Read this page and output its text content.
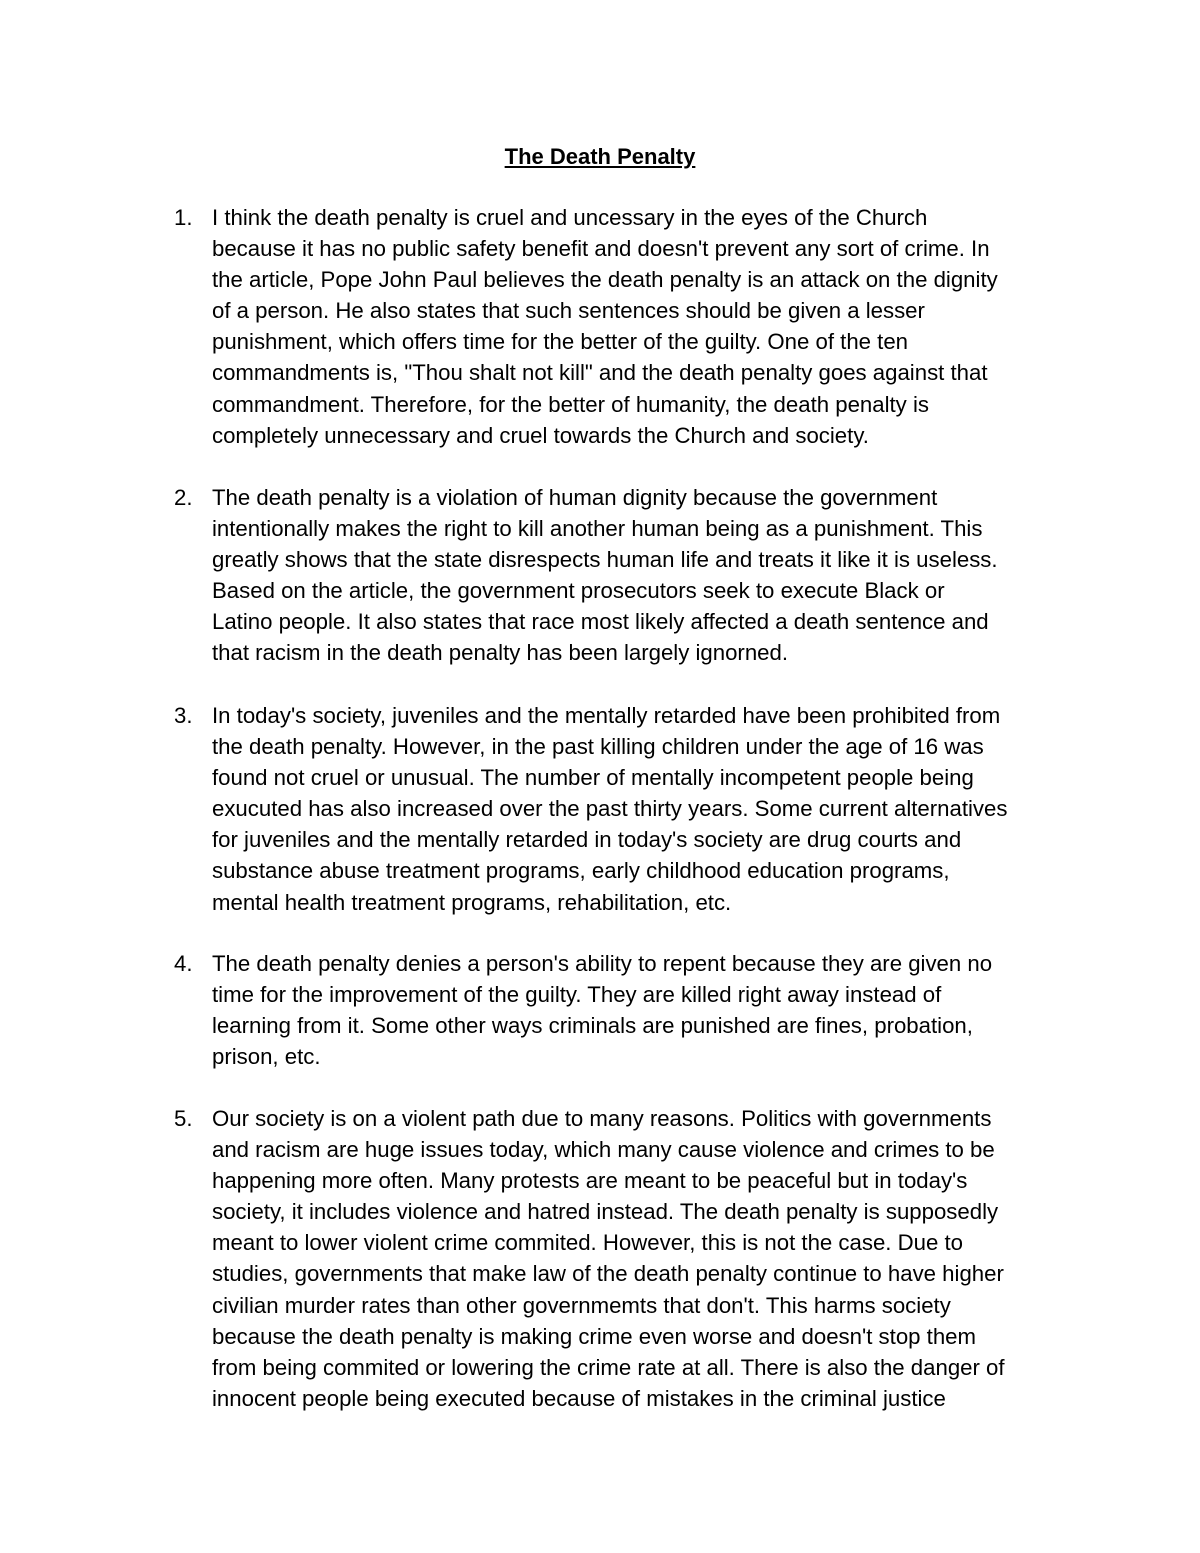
The Death Penalty
1. I think the death penalty is cruel and uncessary in the eyes of the Church
because it has no public safety benefit and doesn't prevent any sort of crime. In
the article, Pope John Paul believes the death penalty is an attack on the dignity
of a person. He also states that such sentences should be given a lesser
punishment, which offers time for the better of the guilty. One of the ten
commandments is, "Thou shalt not kill" and the death penalty goes against that
commandment. Therefore, for the better of humanity, the death penalty is
completely unnecessary and cruel towards the Church and society.
2. The death penalty is a violation of human dignity because the government
intentionally makes the right to kill another human being as a punishment. This
greatly shows that the state disrespects human life and treats it like it is useless.
Based on the article, the government prosecutors seek to execute Black or
Latino people. It also states that race most likely affected a death sentence and
that racism in the death penalty has been largely ignorned.
3. In today's society, juveniles and the mentally retarded have been prohibited from
the death penalty. However, in the past killing children under the age of 16 was
found not cruel or unusual. The number of mentally incompetent people being
exucuted has also increased over the past thirty years. Some current alternatives
for juveniles and the mentally retarded in today's society are drug courts and
substance abuse treatment programs, early childhood education programs,
mental health treatment programs, rehabilitation, etc.
4. The death penalty denies a person's ability to repent because they are given no
time for the improvement of the guilty. They are killed right away instead of
learning from it. Some other ways criminals are punished are fines, probation,
prison, etc.
5. Our society is on a violent path due to many reasons. Politics with governments
and racism are huge issues today, which many cause violence and crimes to be
happening more often. Many protests are meant to be peaceful but in today's
society, it includes violence and hatred instead. The death penalty is supposedly
meant to lower violent crime commited. However, this is not the case. Due to
studies, governments that make law of the death penalty continue to have higher
civilian murder rates than other governmemts that don't. This harms society
because the death penalty is making crime even worse and doesn't stop them
from being commited or lowering the crime rate at all. There is also the danger of
innocent people being executed because of mistakes in the criminal justice
